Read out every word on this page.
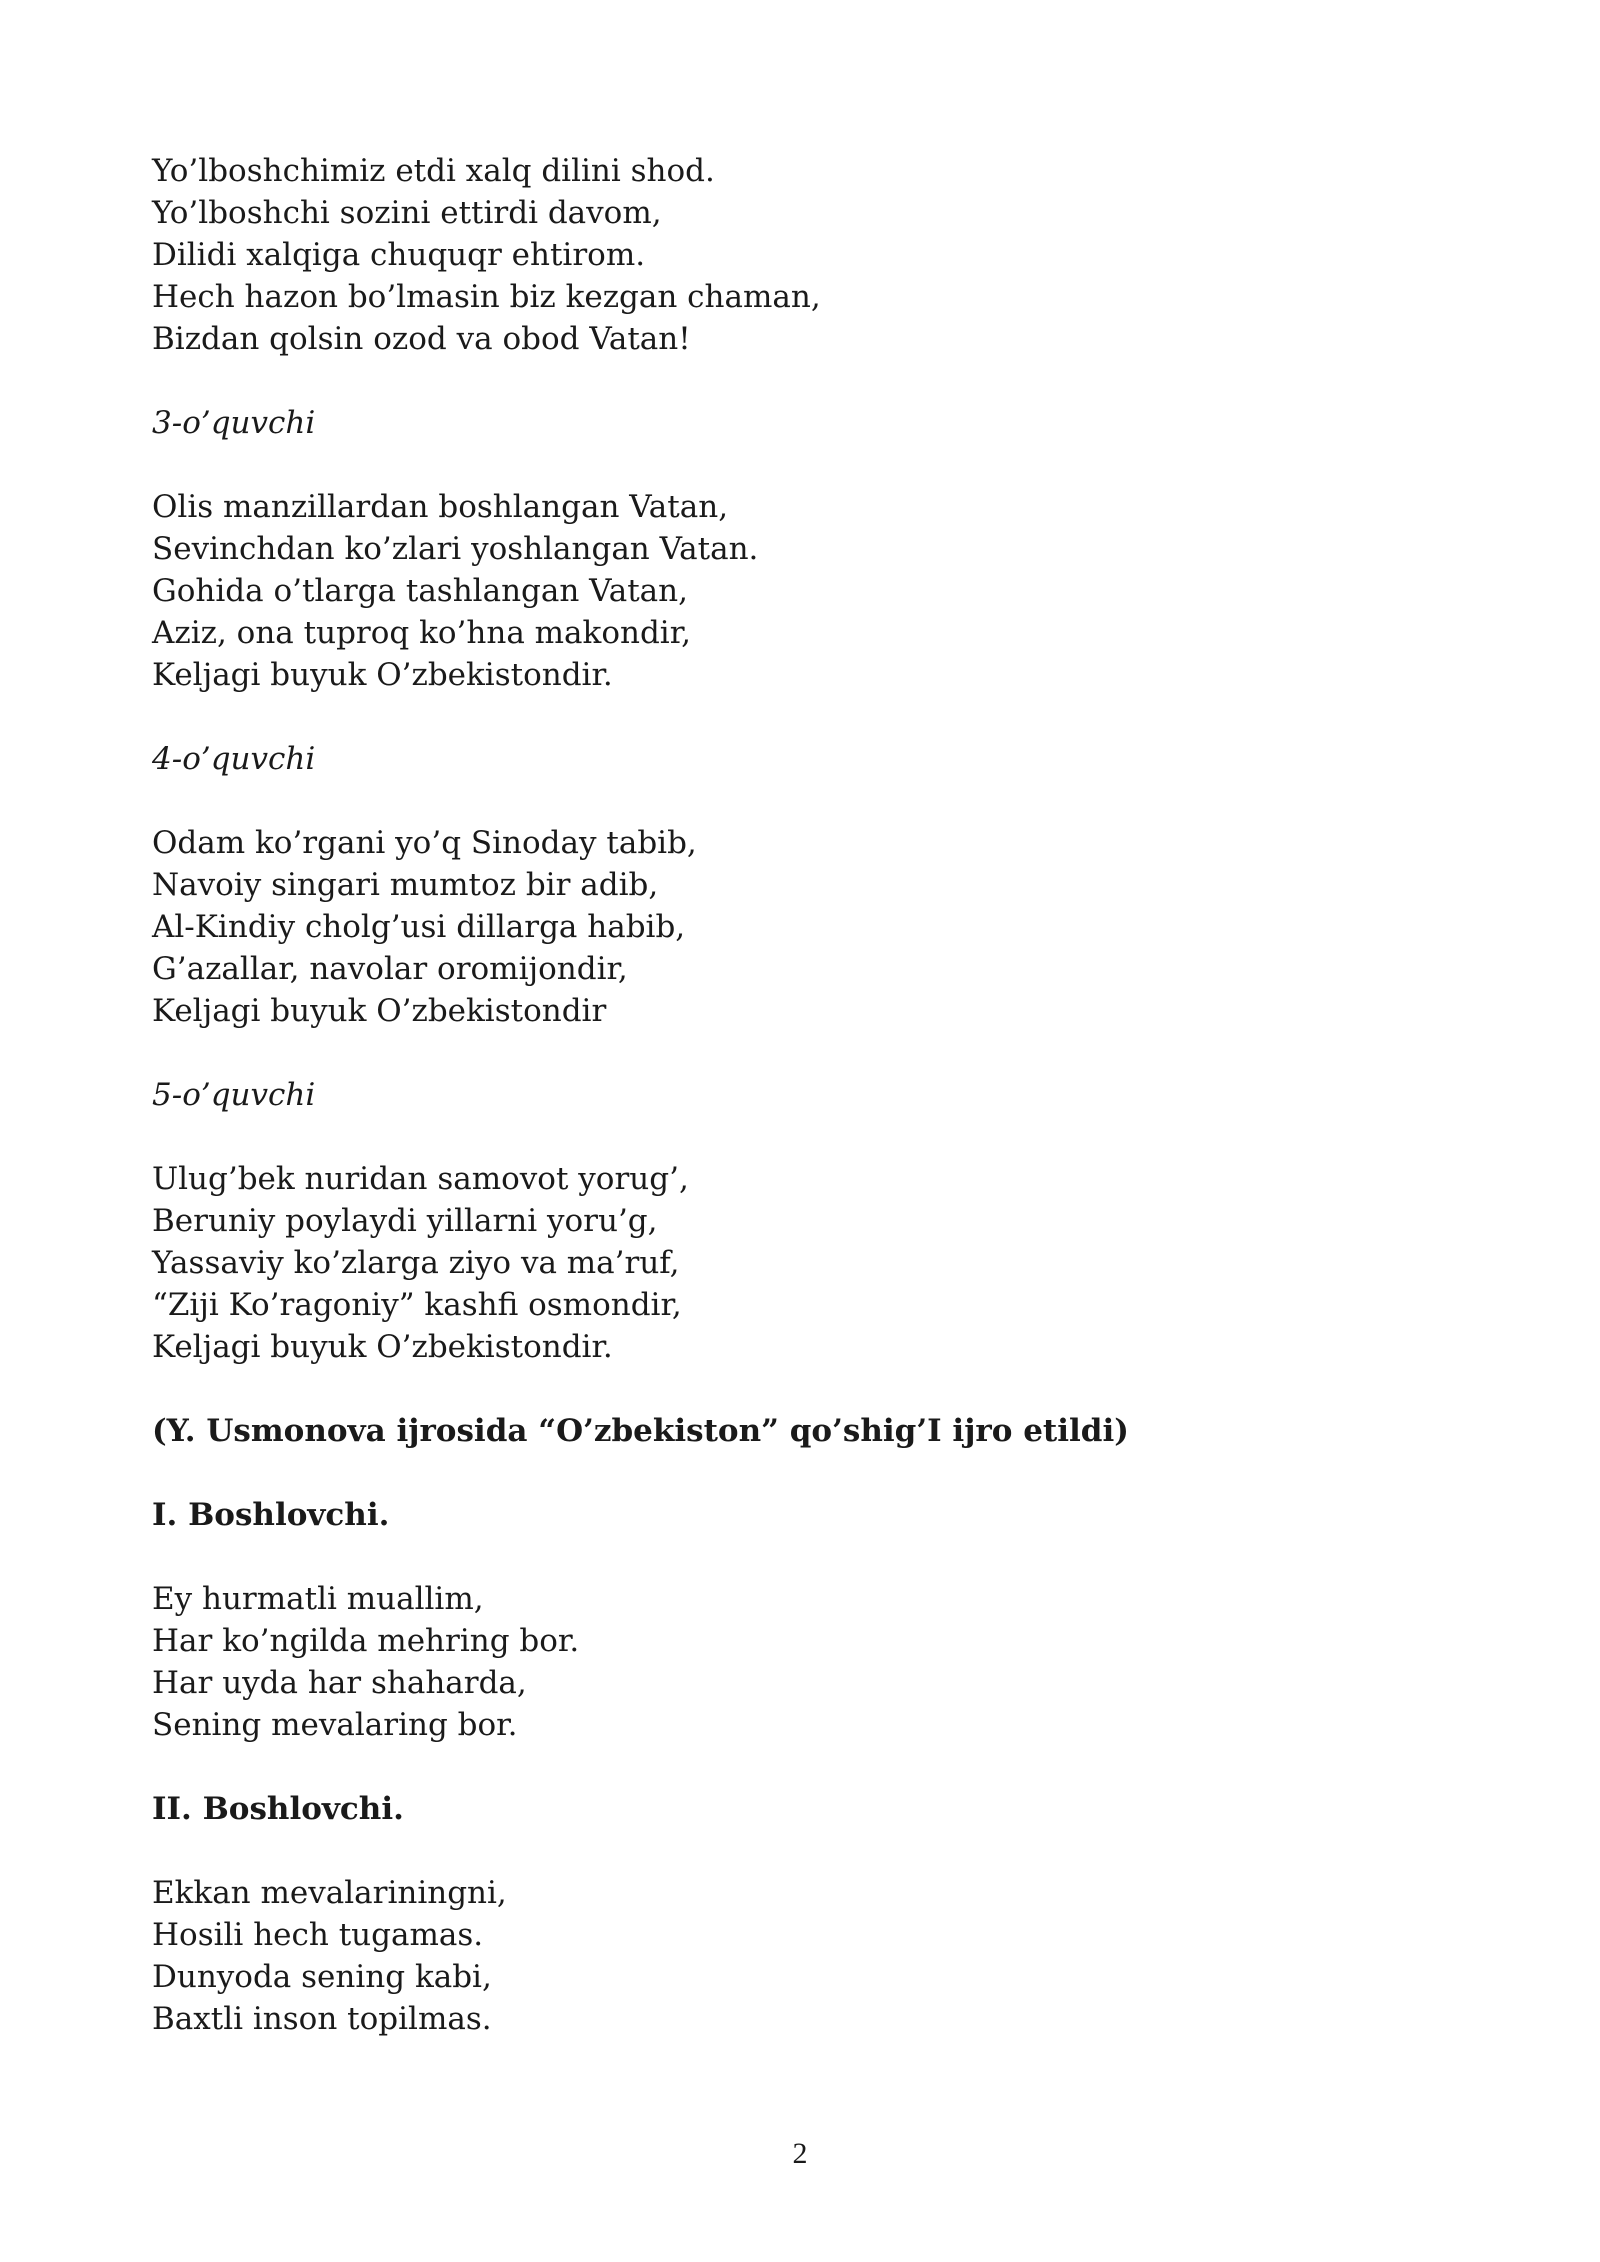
Yo’lboshchimiz etdi xalq dilini shod.
Yo’lboshchi sozini ettirdi davom,
Dilidi xalqiga chuquqr ehtirom.
Hech hazon bo’lmasin biz kezgan chaman,
Bizdan qolsin ozod va obod Vatan!
3-o’quvchi
Olis manzillardan boshlangan Vatan,
Sevinchdan ko’zlari yoshlangan Vatan.
Gohida o’tlarga tashlangan Vatan,
Aziz, ona tuproq ko’hna makondir,
Keljagi buyuk O’zbekistondir.
4-o’quvchi
Odam ko’rgani yo’q Sinoday tabib,
Navoiy singari mumtoz bir adib,
Al-Kindiy cholg’usi dillarga habib,
G’azallar, navolar oromijondir,
Keljagi buyuk O’zbekistondir
5-o’quvchi
Ulug’bek nuridan samovot yorug’,
Beruniy poylaydi yillarni yoru’g,
Yassaviy ko’zlarga ziyo va ma’ruf,
“Ziji Ko’ragoniy” kashfi osmondir,
Keljagi buyuk O’zbekistondir.
(Y. Usmonova ijrosida “O’zbekiston” qo’shig’I ijro etildi)
I. Boshlovchi.
Ey hurmatli muallim,
Har ko’ngilda mehring bor.
Har uyda har shaharda,
Sening mevalaring bor.
II. Boshlovchi.
Ekkan mevalariningni,
Hosili hech tugamas.
Dunyoda sening kabi,
Baxtli inson topilmas.
2
